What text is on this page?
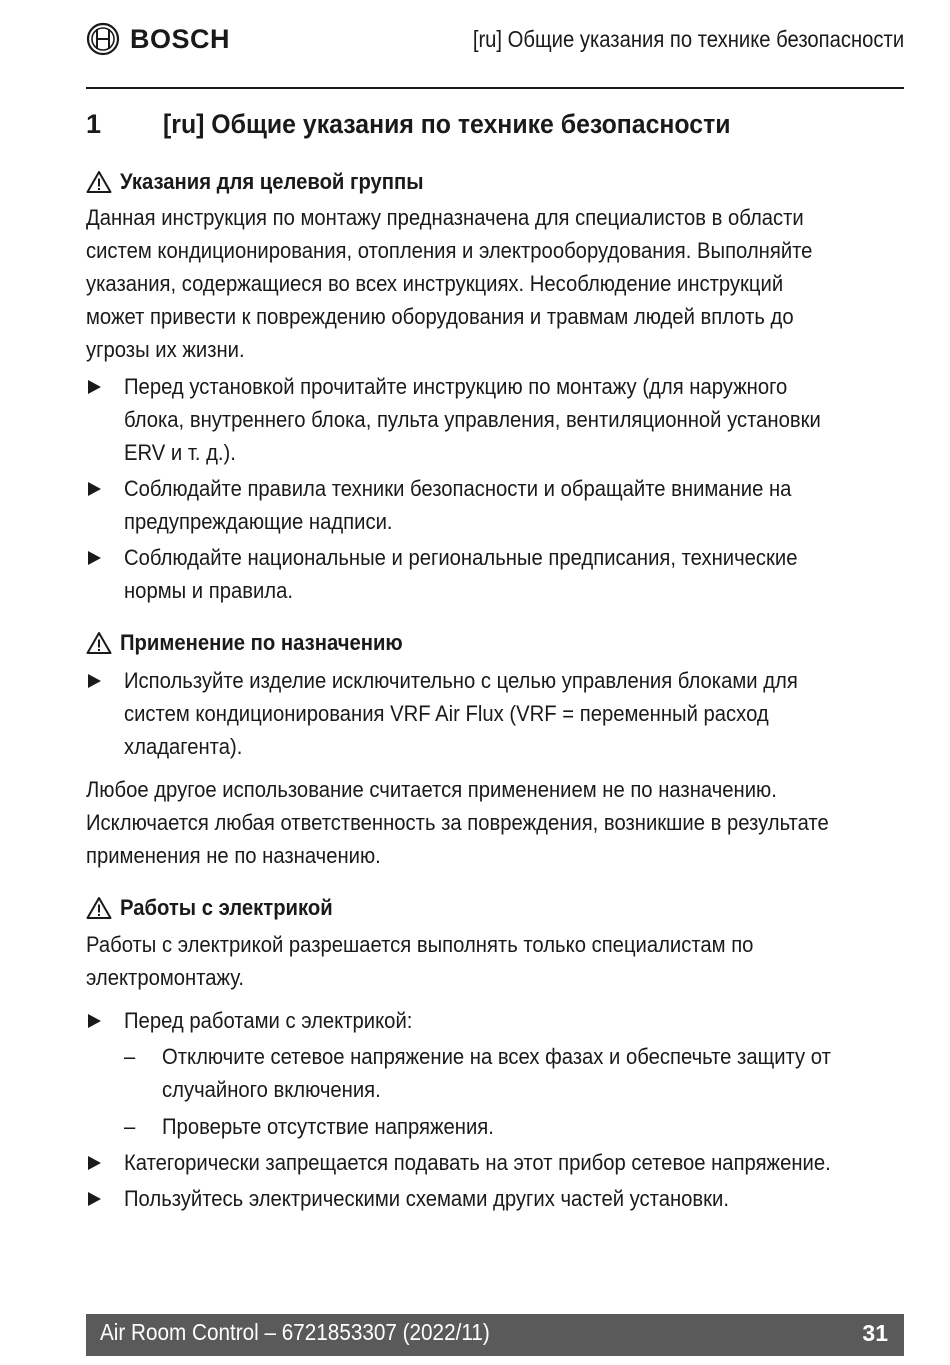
BOSCH	[ru] Общие указания по технике безопасности
1 [ru] Общие указания по технике безопасности
Указания для целевой группы
Данная инструкция по монтажу предназначена для специалистов в области
систем кондиционирования, отопления и электрооборудования. Выполняйте
указания, содержащиеся во всех инструкциях. Несоблюдение инструкций
может привести к повреждению оборудования и травмам людей вплоть до
угрозы их жизни.
Перед установкой прочитайте инструкцию по монтажу (для наружного
блока, внутреннего блока, пульта управления, вентиляционной установки
ERV и т. д.).
Соблюдайте правила техники безопасности и обращайте внимание на
предупреждающие надписи.
Соблюдайте национальные и региональные предписания, технические
нормы и правила.
Применение по назначению
Используйте изделие исключительно с целью управления блоками для
систем кондиционирования VRF Air Flux (VRF = переменный расход
хладагента).
Любое другое использование считается применением не по назначению.
Исключается любая ответственность за повреждения, возникшие в результате
применения не по назначению.
Работы с электрикой
Работы с электрикой разрешается выполнять только специалистам по
электромонтажу.
Перед работами с электрикой:
– Отключите сетевое напряжение на всех фазах и обеспечьте защиту от
случайного включения.
– Проверьте отсутствие напряжения.
Категорически запрещается подавать на этот прибор сетевое напряжение.
Пользуйтесь электрическими схемами других частей установки.
Air Room Control – 6721853307 (2022/11)	31
